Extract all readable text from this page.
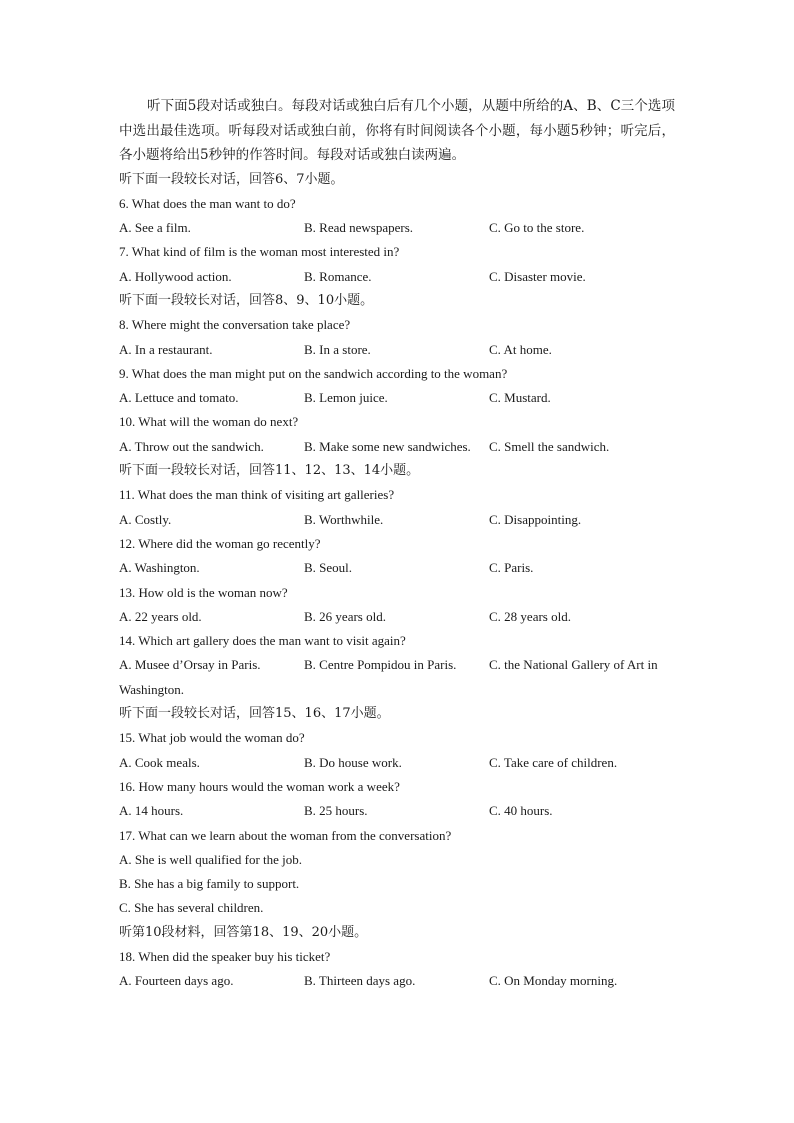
听下面5段对话或独白。每段对话或独白后有几个小题，从题中所给的A、B、C三个选项中选出最佳选项。听每段对话或独白前，你将有时间阅读各个小题，每小题5秒钟；听完后，各小题将给出5秒钟的作答时间。每段对话或独白读两遍。

听下面一段较长对话，回答6、7小题。
6. What does the man want to do?
A. See a film.	B. Read newspapers.	C. Go to the store.
7. What kind of film is the woman most interested in?
A. Hollywood action.	B. Romance.	C. Disaster movie.
听下面一段较长对话，回答8、9、10小题。
8. Where might the conversation take place?
A. In a restaurant.	B. In a store.	C. At home.
9. What does the man might put on the sandwich according to the woman?
A. Lettuce and tomato.	B. Lemon juice.	C. Mustard.
10. What will the woman do next?
A. Throw out the sandwich.	B. Make some new sandwiches.	C. Smell the sandwich.
听下面一段较长对话，回答11、12、13、14小题。
11. What does the man think of visiting art galleries?
A. Costly.	B. Worthwhile.	C. Disappointing.
12. Where did the woman go recently?
A. Washington.	B. Seoul.	C. Paris.
13. How old is the woman now?
A. 22 years old.	B. 26 years old.	C. 28 years old.
14. Which art gallery does the man want to visit again?
A. Musee d’Orsay in Paris.	B. Centre Pompidou in Paris.	C. the National Gallery of Art in
Washington.
听下面一段较长对话，回答15、16、17小题。
15. What job would the woman do?
A. Cook meals.	B. Do house work.	C. Take care of children.
16. How many hours would the woman work a week?
A. 14 hours.	B. 25 hours.	C. 40 hours.
17. What can we learn about the woman from the conversation?
A. She is well qualified for the job.
B. She has a big family to support.
C. She has several children.
听第10段材料，回答第18、19、20小题。
18. When did the speaker buy his ticket?
A. Fourteen days ago.	B. Thirteen days ago.	C. On Monday morning.
